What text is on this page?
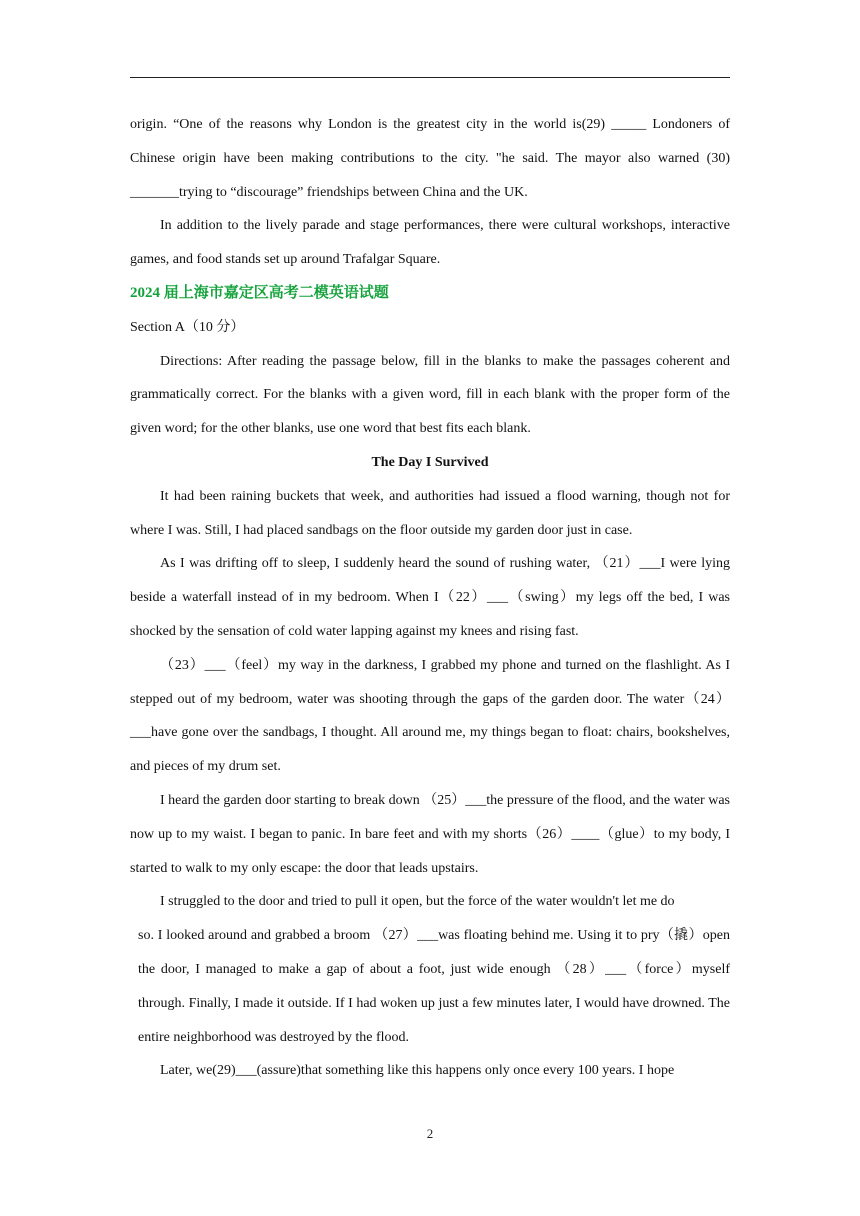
origin. “One of the reasons why London is the greatest city in the world is(29) _____ Londoners of Chinese origin have been making contributions to the city. "he said. The mayor also warned (30) _______trying to “discourage” friendships between China and the UK.

In addition to the lively parade and stage performances, there were cultural workshops, interactive games, and food stands set up around Trafalgar Square.

2024 届上海市嘉定区高考二模英语试题

Section A（10 分）

Directions: After reading the passage below, fill in the blanks to make the passages coherent and grammatically correct. For the blanks with a given word, fill in each blank with the proper form of the given word; for the other blanks, use one word that best fits each blank.

The Day I Survived

It had been raining buckets that week, and authorities had issued a flood warning, though not for where I was. Still, I had placed sandbags on the floor outside my garden door just in case.

As I was drifting off to sleep, I suddenly heard the sound of rushing water, （21）___I were lying beside a waterfall instead of in my bedroom. When I（22）___（swing）my legs off the bed, I was shocked by the sensation of cold water lapping against my knees and rising fast.

（23）___（feel）my way in the darkness, I grabbed my phone and turned on the flashlight. As I stepped out of my bedroom, water was shooting through the gaps of the garden door. The water（24）___have gone over the sandbags, I thought. All around me, my things began to float: chairs, bookshelves, and pieces of my drum set.

I heard the garden door starting to break down （25）___the pressure of the flood, and the water was now up to my waist. I began to panic. In bare feet and with my shorts（26）____（glue）to my body, I started to walk to my only escape: the door that leads upstairs.

I struggled to the door and tried to pull it open, but the force of the water wouldn't let me do

so. I looked around and grabbed a broom （27）___was floating behind me. Using it to pry（撬）open the door, I managed to make a gap of about a foot, just wide enough （28）___（force）myself through. Finally, I made it outside. If I had woken up just a few minutes later, I would have drowned. The entire neighborhood was destroyed by the flood.

Later, we(29)___(assure)that something like this happens only once every 100 years. I hope

2
